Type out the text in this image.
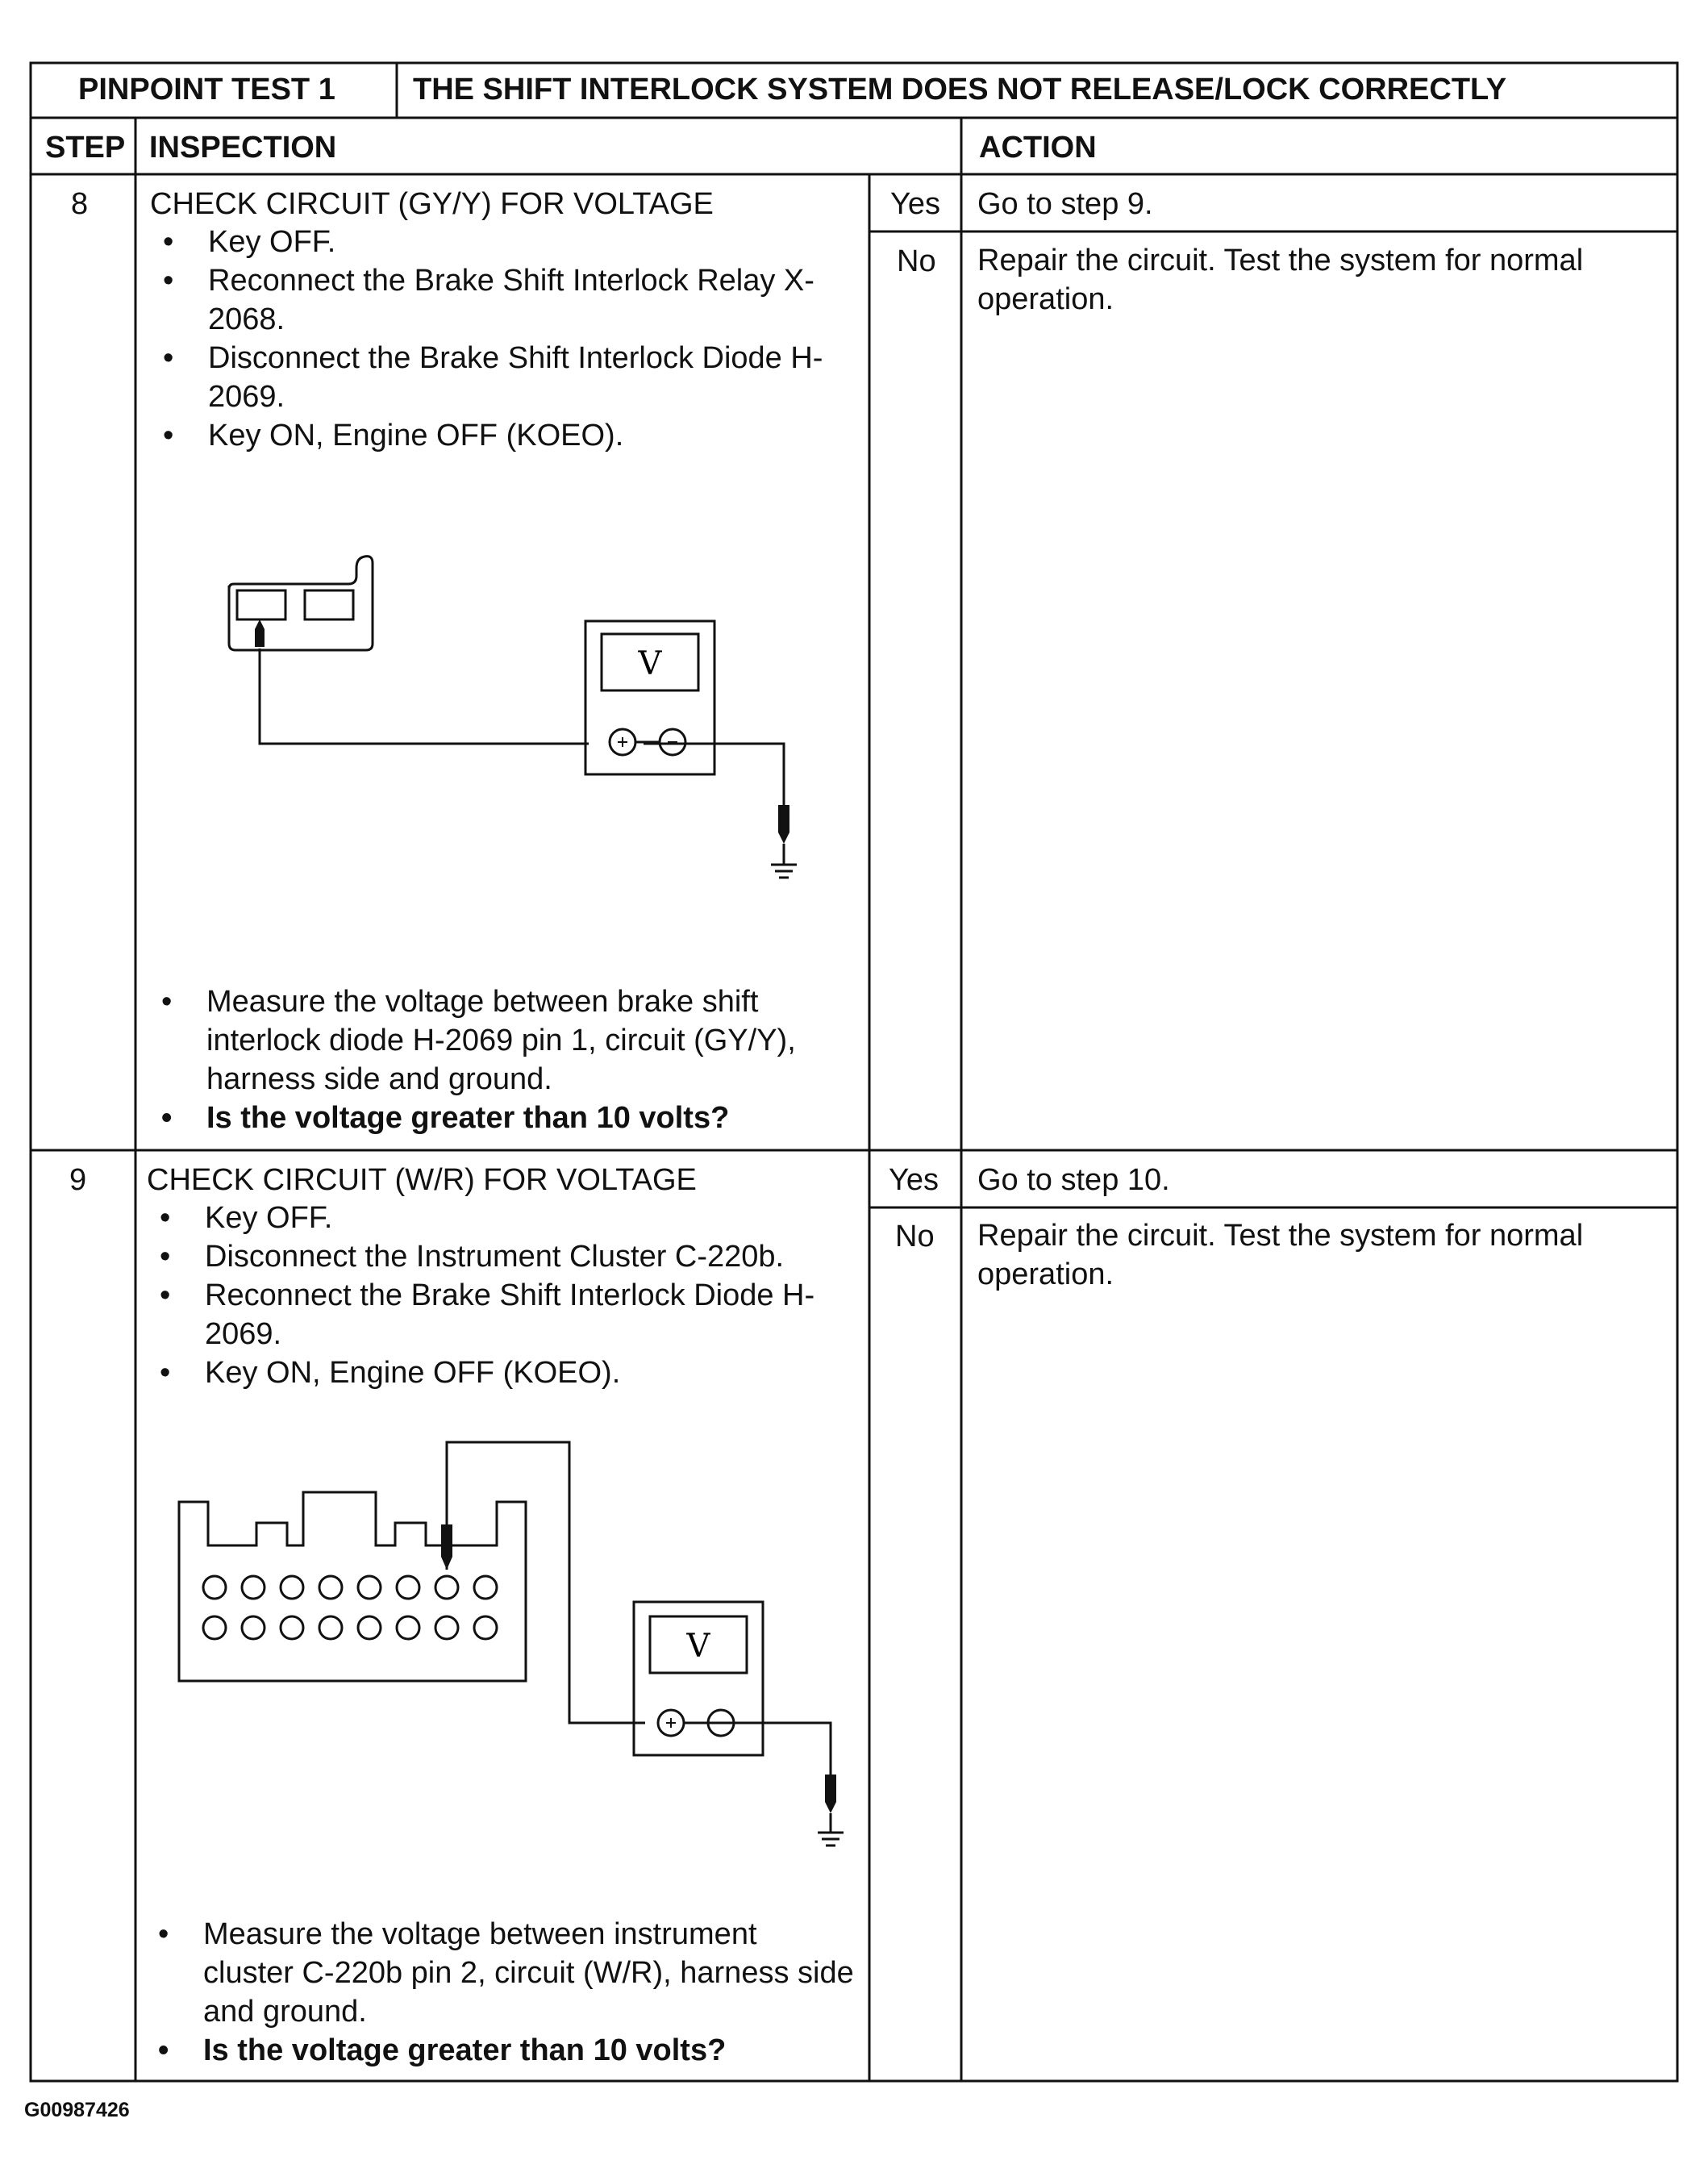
PINPOINT TEST 1	THE SHIFT INTERLOCK SYSTEM DOES NOT RELEASE/LOCK CORRECTLY
STEP INSPECTION	ACTION
8 CHECK CIRCUIT (GY/Y) FOR VOLTAGE
• Key OFF.
• Reconnect the Brake Shift Interlock Relay X-2068.
• Disconnect the Brake Shift Interlock Diode H-2069.
• Key ON, Engine OFF (KOEO).
V
• Measure the voltage between brake shift interlock diode H-2069 pin 1, circuit (GY/Y), harness side and ground.
• Is the voltage greater than 10 volts?
Yes Go to step 9.
No Repair the circuit. Test the system for normal operation.
9 CHECK CIRCUIT (W/R) FOR VOLTAGE
• Key OFF.
• Disconnect the Instrument Cluster C-220b.
• Reconnect the Brake Shift Interlock Diode H-2069.
• Key ON, Engine OFF (KOEO).
V
• Measure the voltage between instrument cluster C-220b pin 2, circuit (W/R), harness side and ground.
• Is the voltage greater than 10 volts?
Yes Go to step 10.
No Repair the circuit. Test the system for normal operation.
G00987426
